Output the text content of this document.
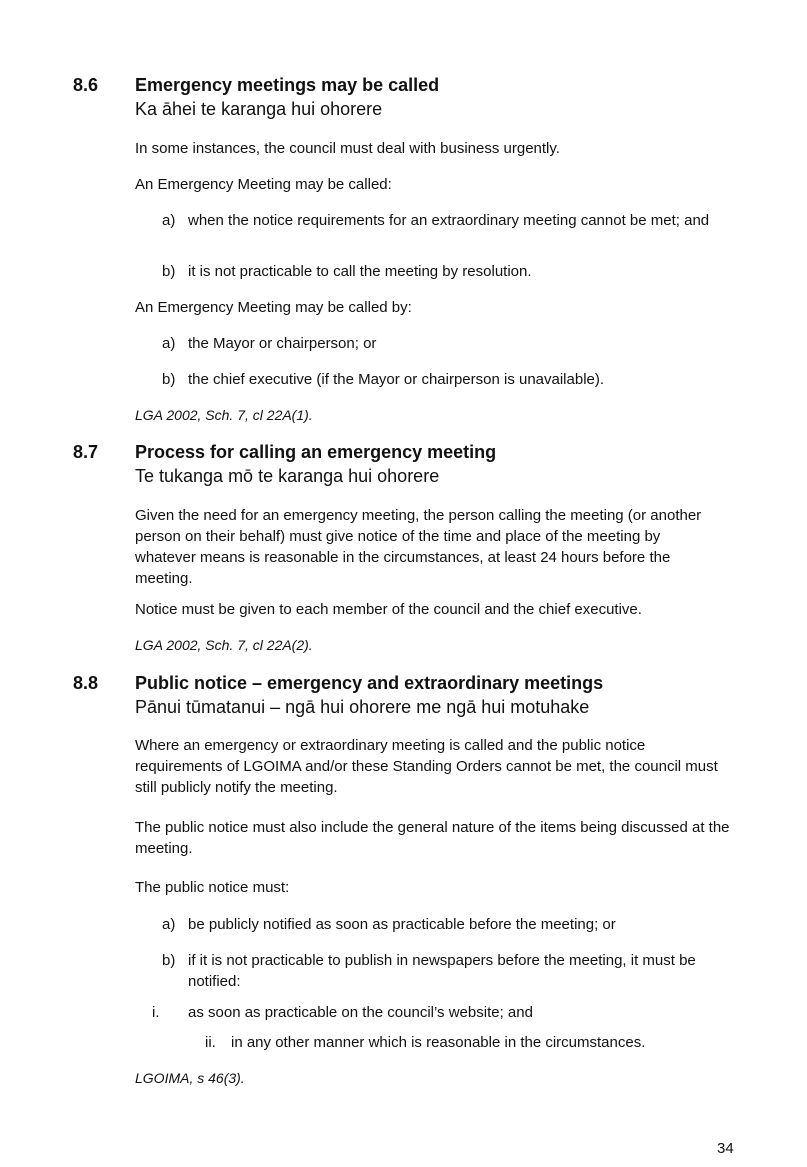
8.6 Emergency meetings may be called
Ka āhei te karanga hui ohorere
In some instances, the council must deal with business urgently.
An Emergency Meeting may be called:
a) when the notice requirements for an extraordinary meeting cannot be met; and
b) it is not practicable to call the meeting by resolution.
An Emergency Meeting may be called by:
a) the Mayor or chairperson; or
b) the chief executive (if the Mayor or chairperson is unavailable).
LGA 2002, Sch. 7, cl 22A(1).
8.7 Process for calling an emergency meeting
Te tukanga mō te karanga hui ohorere
Given the need for an emergency meeting, the person calling the meeting (or another person on their behalf) must give notice of the time and place of the meeting by whatever means is reasonable in the circumstances, at least 24 hours before the meeting.
Notice must be given to each member of the council and the chief executive.
LGA 2002, Sch. 7, cl 22A(2).
8.8 Public notice – emergency and extraordinary meetings
Pānui tūmatanui – ngā hui ohorere me ngā hui motuhake
Where an emergency or extraordinary meeting is called and the public notice requirements of LGOIMA and/or these Standing Orders cannot be met, the council must still publicly notify the meeting.
The public notice must also include the general nature of the items being discussed at the meeting.
The public notice must:
a) be publicly notified as soon as practicable before the meeting; or
b) if it is not practicable to publish in newspapers before the meeting, it must be notified:
i. as soon as practicable on the council’s website; and
ii. in any other manner which is reasonable in the circumstances.
LGOIMA, s 46(3).
34
